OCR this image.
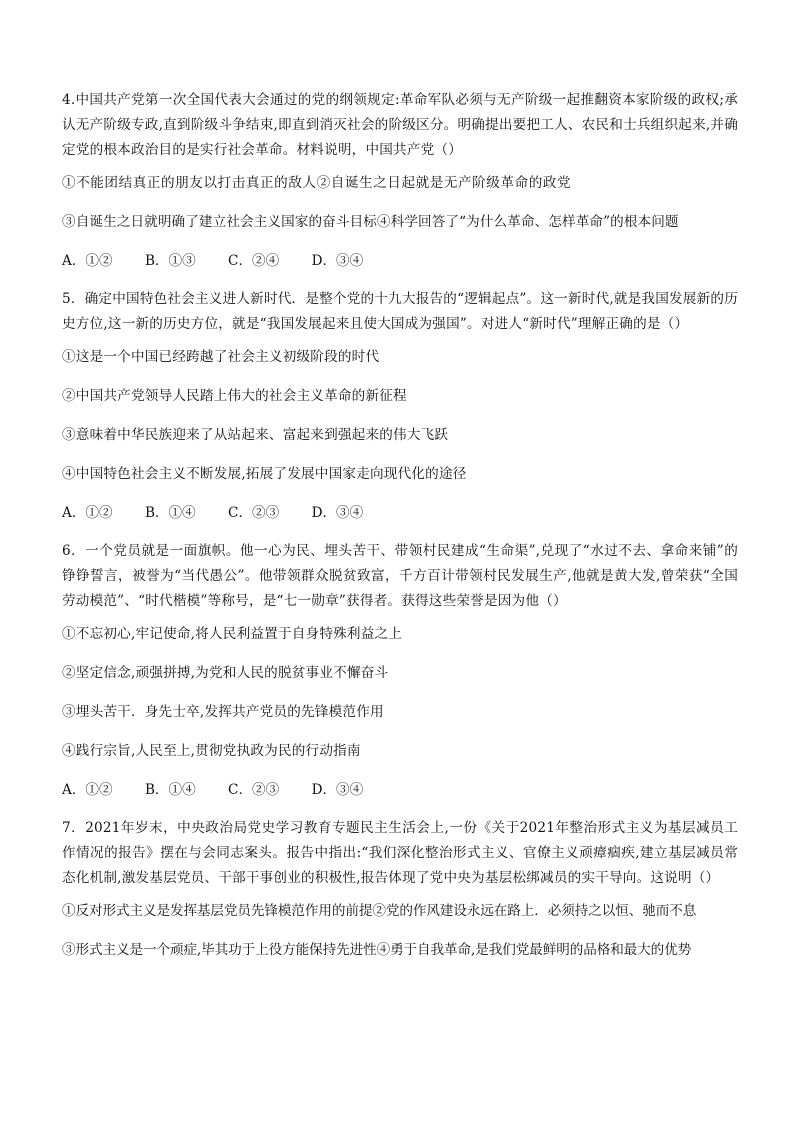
4.中国共产党第一次全国代表大会通过的党的纲领规定:革命军队必须与无产阶级一起推翻资本家阶级的政权;承认无产阶级专政,直到阶级斗争结束,即直到消灭社会的阶级区分。明确提出要把工人、农民和士兵组织起来,并确定党的根本政治目的是实行社会革命。材料说明，中国共产党（）

①不能团结真正的朋友以打击真正的敌人②自诞生之日起就是无产阶级革命的政党

③自诞生之日就明确了建立社会主义国家的奋斗目标④科学回答了“为什么革命、怎样革命”的根本问题

A．①② B．①③ C．②④ D．③④

5．确定中国特色社会主义进人新时代．是整个党的十九大报告的“逻辑起点”。这一新时代,就是我国发展新的历史方位,这一新的历史方位，就是“我国发展起来且使大国成为强国”。对进人“新时代”理解正确的是（）

①这是一个中国已经跨越了社会主义初级阶段的时代

②中国共产党领导人民踏上伟大的社会主义革命的新征程

③意味着中华民族迎来了从站起来、富起来到强起来的伟大飞跃

④中国特色社会主义不断发展,拓展了发展中国家走向现代化的途径

A．①② B．①④ C．②③ D．③④

6．一个党员就是一面旗帜。他一心为民、埋头苦干、带领村民建成“生命渠”,兑现了“水过不去、拿命来铺”的铮铮誓言，被誉为“当代愚公”。他带领群众脱贫致富，千方百计带领村民发展生产,他就是黄大发,曾荣获“全国劳动模范”、“时代楷模”等称号，是“七一勋章”获得者。获得这些荣誉是因为他（）

①不忘初心,牢记使命,将人民利益置于自身特殊利益之上

②坚定信念,顽强拼搏,为党和人民的脱贫事业不懈奋斗

③埋头苦干．身先士卒,发挥共产党员的先锋模范作用

④践行宗旨,人民至上,贯彻党执政为民的行动指南

A．①② B．①④ C．②③ D．③④

7．2021年岁末，中央政治局党史学习教育专题民主生活会上,一份《关于2021年整治形式主义为基层减员工作情况的报告》摆在与会同志案头。报告中指出:“我们深化整治形式主义、官僚主义顽瘴痼疾,建立基层减员常态化机制,激发基层党员、干部干事创业的积极性,报告体现了党中央为基层松绑减员的实干导向。这说明（）

①反对形式主义是发挥基层党员先锋模范作用的前提②党的作风建设永远在路上．必须持之以恒、驰而不息

③形式主义是一个顽症,毕其功于上役方能保持先进性④勇于自我革命,是我们党最鲜明的品格和最大的优势
